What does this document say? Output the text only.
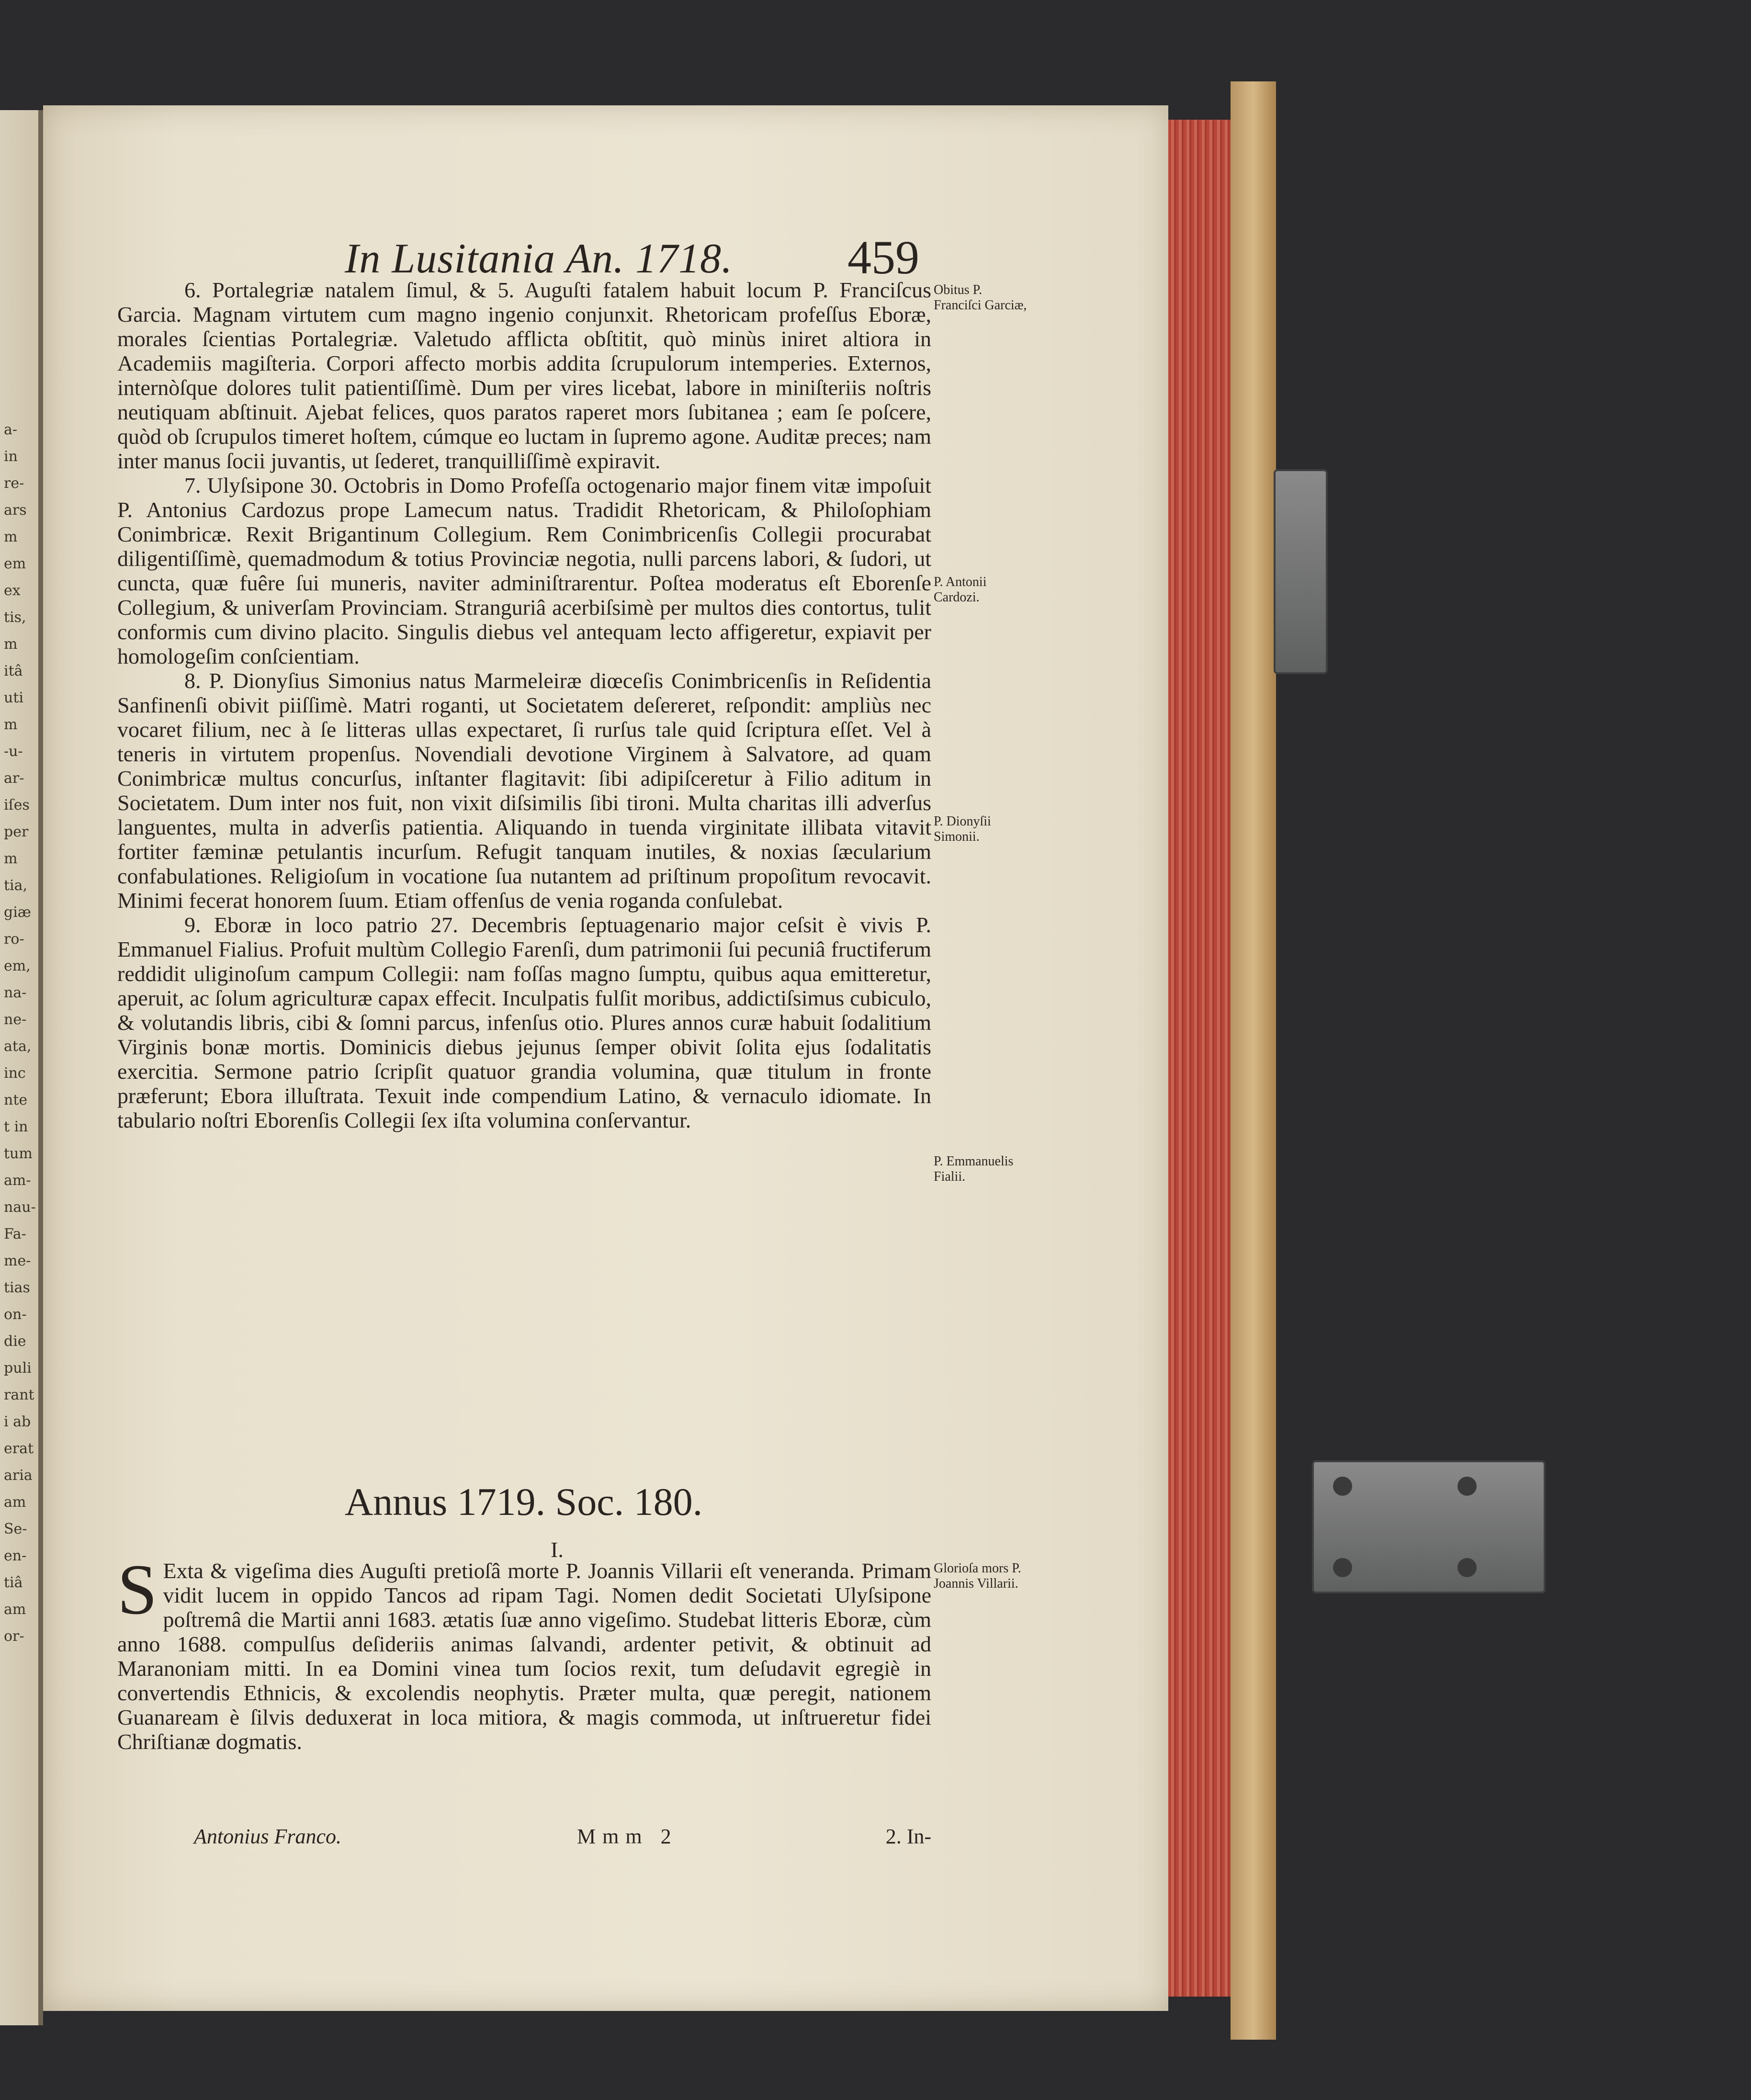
a-
in
re-
ars
m
em
ex
tis,
m
itâ
uti
m
-u-
ar-
iſes
per
m
tia,
giæ
ro-
em,
na-
ne-
ata,
inc
nte
t in
tum
am-
nau-
Fa-
me-
tias
on-
die
puli
rant
i ab
erat
aria
am
Se-
en-
tiâ
am
or-
In Lusitania An. 1718. 459

6. Portalegriæ natalem ſimul, & 5. Auguſti fatalem habuit locum P. Franciſcus Garcia. Magnam virtutem cum magno ingenio conjunxit. Rhetoricam profeſſus Eboræ, morales ſcientias Portalegriæ. Valetudo afflicta obſtitit, quò minùs iniret altiora in Academiis magiſteria. Corpori affecto morbis addita ſcrupulorum intemperies. Externos, internòſque dolores tulit patientiſſimè. Dum per vires licebat, labore in miniſteriis noſtris neutiquam abſtinuit. Ajebat felices, quos paratos raperet mors ſubitanea ; eam ſe poſcere, quòd ob ſcrupulos timeret hoſtem, cúmque eo luctam in ſupremo agone. Auditæ preces; nam inter manus ſocii juvantis, ut ſederet, tranquilliſſimè expiravit.

7. Ulyſsipone 30. Octobris in Domo Profeſſa octogenario major finem vitæ impoſuit P. Antonius Cardozus prope Lamecum natus. Tradidit Rhetoricam, & Philoſophiam Conimbricæ. Rexit Brigantinum Collegium. Rem Conimbricenſis Collegii procurabat diligentiſſimè, quemadmodum & totius Provinciæ negotia, nulli parcens labori, & ſudori, ut cuncta, quæ fuêre ſui muneris, naviter adminiſtrarentur. Poſtea moderatus eſt Eborenſe Collegium, & univerſam Provinciam. Stranguriâ acerbiſsimè per multos dies contortus, tulit conformis cum divino placito. Singulis diebus vel antequam lecto affigeretur, expiavit per homologeſim conſcientiam.

8. P. Dionyſius Simonius natus Marmeleiræ diœceſis Conimbricenſis in Reſidentia Sanfinenſi obivit piiſſimè. Matri roganti, ut Societatem deſereret, reſpondit: ampliùs nec vocaret filium, nec à ſe litteras ullas expectaret, ſi rurſus tale quid ſcriptura eſſet. Vel à teneris in virtutem propenſus. Novendiali devotione Virginem à Salvatore, ad quam Conimbricæ multus concurſus, inſtanter flagitavit: ſibi adipiſceretur à Filio aditum in Societatem. Dum inter nos fuit, non vixit diſsimilis ſibi tironi. Multa charitas illi adverſus languentes, multa in adverſis patientia. Aliquando in tuenda virginitate illibata vitavit fortiter fæminæ petulantis incurſum. Refugit tanquam inutiles, & noxias ſæcularium confabulationes. Religioſum in vocatione ſua nutantem ad priſtinum propoſitum revocavit. Minimi fecerat honorem ſuum. Etiam offenſus de venia roganda conſulebat.

9. Eboræ in loco patrio 27. Decembris ſeptuagenario major ceſsit è vivis P. Emmanuel Fialius. Profuit multùm Collegio Farenſi, dum patrimonii ſui pecuniâ fructiferum reddidit uliginoſum campum Collegii: nam foſſas magno ſumptu, quibus aqua emitteretur, aperuit, ac ſolum agriculturæ capax effecit. Inculpatis fulſit moribus, addictiſsimus cubiculo, & volutandis libris, cibi & ſomni parcus, infenſus otio. Plures annos curæ habuit ſodalitium Virginis bonæ mortis. Dominicis diebus jejunus ſemper obivit ſolita ejus ſodalitatis exercitia. Sermone patrio ſcripſit quatuor grandia volumina, quæ titulum in fronte præferunt; Ebora illuſtrata. Texuit inde compendium Latino, & vernaculo idiomate. In tabulario noſtri Eborenſis Collegii ſex iſta volumina conſervantur.

Obitus P. Franciſci Garciæ,
P. Antonii Cardozi.
P. Dionyſii Simonii.
P. Emmanuelis Fialii.
Annus 1719. Soc. 180.
I.
S Exta & vigeſima dies Auguſti pretioſâ morte P. Joannis Villarii eſt veneranda. Primam vidit lucem in oppido Tancos ad ripam Tagi. Nomen dedit Societati Ulyſsipone poſtremâ die Martii anni 1683. ætatis ſuæ anno vigeſimo. Studebat litteris Eboræ, cùm anno 1688. compulſus deſideriis animas ſalvandi, ardenter petivit, & obtinuit ad Maranoniam mitti. In ea Domini vinea tum ſocios rexit, tum deſudavit egregiè in convertendis Ethnicis, & excolendis neophytis. Præter multa, quæ peregit, nationem Guanaream è ſilvis deduxerat in loca mitiora, & magis commoda, ut inſtrueretur fidei Chriſtianæ dogmatis.
Glorioſa mors P. Joannis Villarii.
Antonius Franco.	Mmm 2	2. In-
